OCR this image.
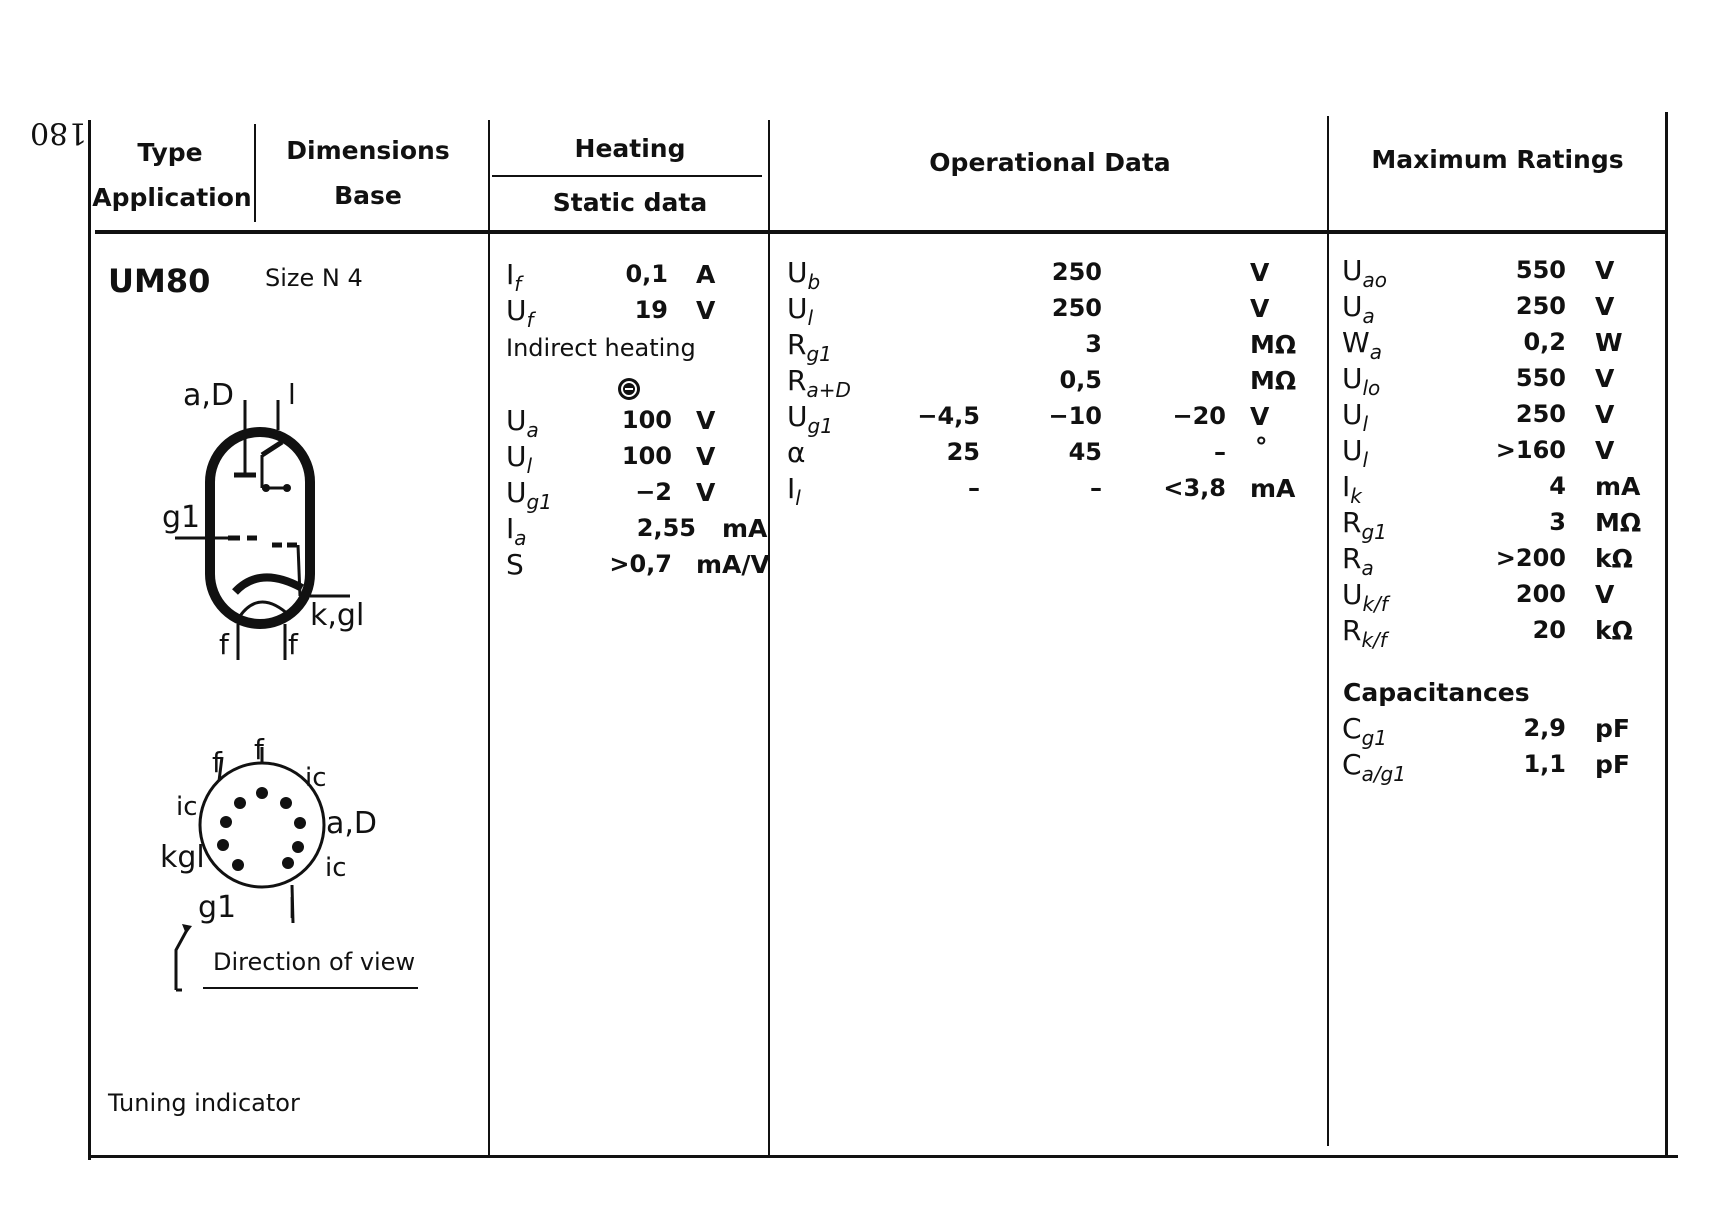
180
Type
Application
Dimensions
Base
Heating
Static data
Operational Data	Maximum Ratings
UM80 Size N 4
a,D l
g1
k,gl
f f
f f
ic
ic	a,D
ic
kgl
g1 l
Direction of view
Tuning indicator
$I_f$	0,1 A
$U_f$	19 V
Indirect heating
$U_a$	100 V
$U_l$	100 V
$U_{g1}$	−2 V
$I_a$	2,55 mA
S	>0,7 mA/V
$U_b$	250	V
$U_l$	250	V
$R_{g1}$	3	MΩ
$R_{a+D}$	0,5	MΩ
$U_{g1}$	−4,5	−10	−20 V
α	25	45	– °
$I_l$	–	–	<3,8 mA
$U_{ao}$	550 V
$U_a$	250 V
$W_a$	0,2 W
$U_{lo}$	550 V
$U_l$	250 V
$U_l$	>160 V
$I_k$	4 mA
$R_{g1}$	3 MΩ
$R_a$	>200 kΩ
$U_{k/f}$	200 V
$R_{k/f}$	20 kΩ
Capacitances
$C_{g1}$	2,9 pF
$C_{a/g1}$	1,1 pF
